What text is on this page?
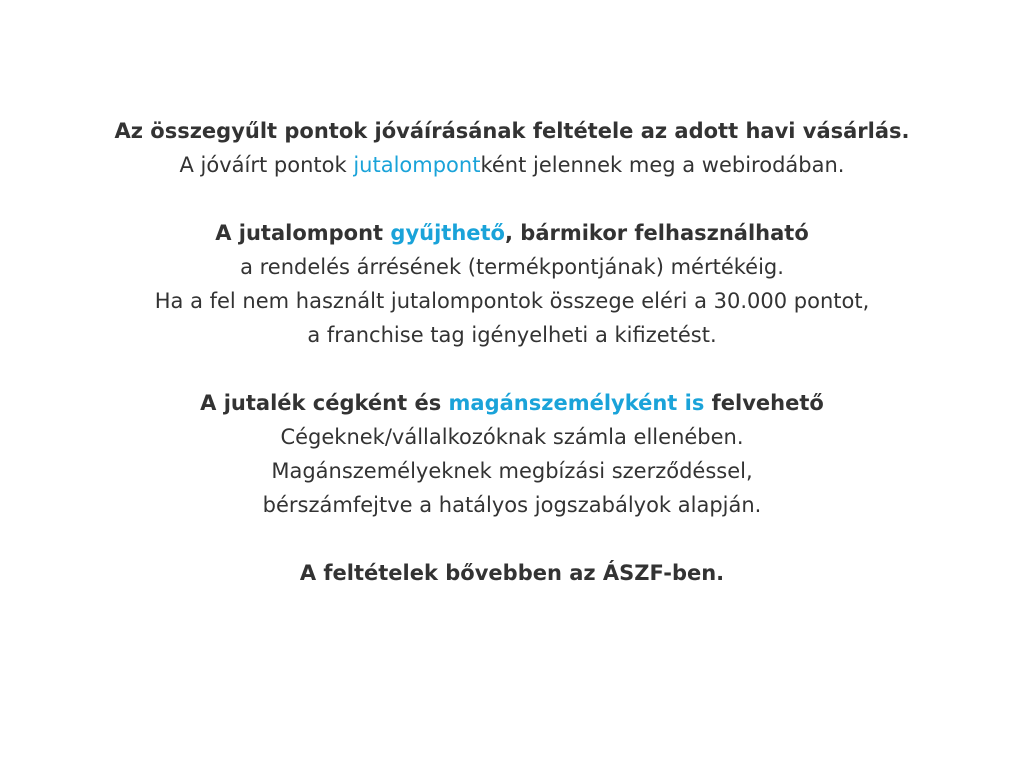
Az összegyűlt pontok jóváírásának feltétele az adott havi vásárlás.

A jóváírt pontok jutalompontként jelennek meg a webirodában.

A jutalompont gyűjthető, bármikor felhasználható

a rendelés árrésének (termékpontjának) mértékéig.

Ha a fel nem használt jutalompontok összege eléri a 30.000 pontot,

a franchise tag igényelheti a kifizetést.

A jutalék cégként és magánszemélyként is felvehető

Cégeknek/vállalkozóknak számla ellenében.

Magánszemélyeknek megbízási szerződéssel,

bérszámfejtve a hatályos jogszabályok alapján.

A feltételek bővebben az ÁSZF-ben.
